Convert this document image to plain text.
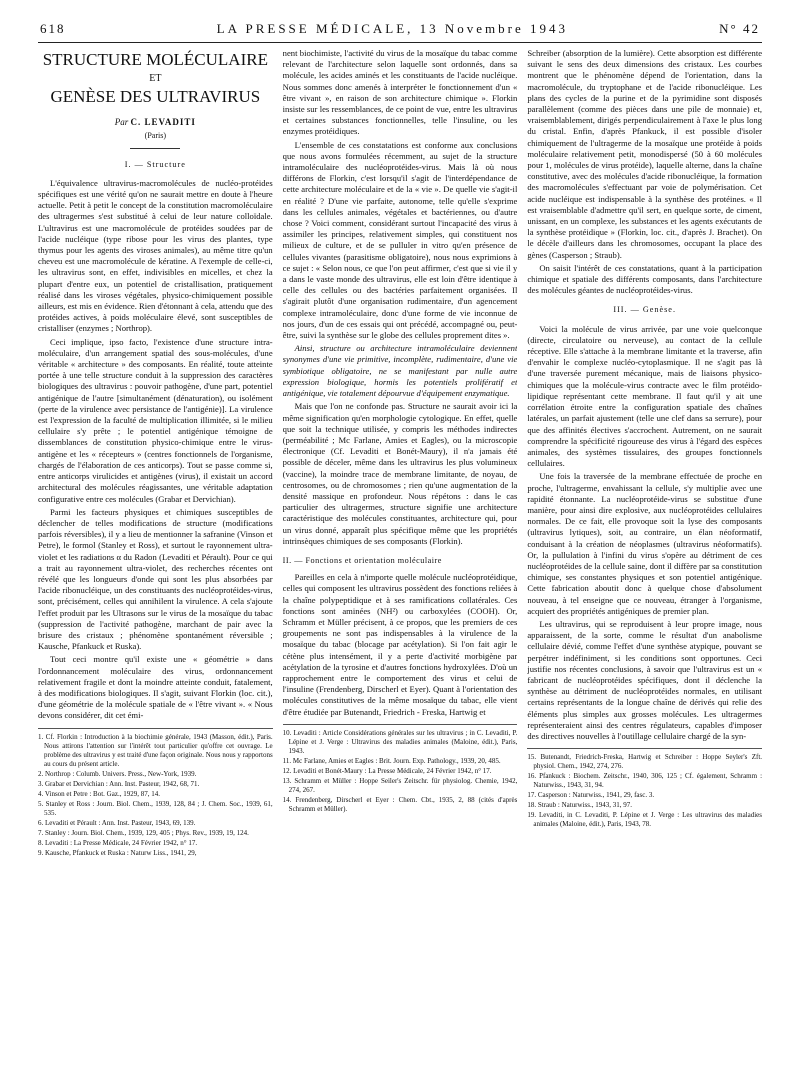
618	LA PRESSE MÉDICALE, 13 Novembre 1943	N° 42
STRUCTURE MOLÉCULAIRE
ET
GENÈSE DES ULTRAVIRUS
Par C. LEVADITI
(Paris)
I. — Structure

L'équivalence ultravirus-macromolécules de nucléo-protéides spécifiques est une vérité qu'on ne saurait mettre en doute à l'heure actuelle. Petit à petit le concept de la constitution macromoléculaire des ultragermes s'est substitué à celui de leur nature colloïdale. L'ultravirus est une macromolécule de protéides soudées par de l'acide nucléique (type ribose pour les virus des plantes, type thymus pour les agents des viroses animales), au même titre qu'un cheveu est une macromolécule de kératine. A l'exemple de celle-ci, les ultravirus sont, en effet, indivisibles en micelles, et chez la plupart d'entre eux, un potentiel de cristallisation, pratiquement réalisé dans les viroses végétales, physico-chimiquement possible ailleurs, est mis en évidence. Rien d'étonnant à cela, attendu que des protéides actives, à poids moléculaire élevé, sont susceptibles de cristalliser (enzymes ; Northrop).

Ceci implique, ipso facto, l'existence d'une structure intra-moléculaire, d'un arrangement spatial des sous-molécules, d'une véritable « architecture » des composants. En réalité, toute atteinte portée à une telle structure conduit à la suppression des caractères biologiques des ultravirus : pouvoir pathogène, d'une part, potentiel antigénique de l'autre [simultanément (dénaturation), ou isolément (perte de la virulence avec persistance de l'antigénie)]. La virulence est l'expression de la faculté de multiplication illimitée, si le milieu cellulaire s'y prête ; le potentiel antigénique témoigne de dissemblances de constitution physico-chimique entre le virus-antigène et les « récepteurs » (centres fonctionnels de l'organisme, chargés de l'élaboration de ces anticorps). Tout se passe comme si, entre anticorps virulicides et antigènes (virus), il existait un accord architectural des molécules réagissantes, une véritable adaptation configurative entre ces molécules (Grabar et Dervichian).

Parmi les facteurs physiques et chimiques susceptibles de déclencher de telles modifications de structure (modifications parfois réversibles), il y a lieu de mentionner la safranine (Vinson et Petre), le formol (Stanley et Ross), et surtout le rayonnement ultra-violet et les radiations α du Radon (Levaditi et Pérault). Pour ce qui a trait au rayonnement ultra-violet, des recherches récentes ont révélé que les longueurs d'onde qui sont les plus absorbées par l'acide ribonucléique, un des constituants des nucléoprotéides-virus, sont, précisément, celles qui annihilent la virulence. A cela s'ajoute l'effet produit par les Ultrasons sur le virus de la mosaïque du tabac (suppression de l'activité pathogène, marchant de pair avec la brisure des cristaux ; phénomène spontanément réversible ; Kausche, Pfankuck et Ruska).

Tout ceci montre qu'il existe une « géométrie » dans l'ordonnancement moléculaire des virus, ordonnancement relativement fragile et dont la moindre atteinte conduit, fatalement, à des modifications biologiques. Il s'agit, suivant Florkin (loc. cit.), d'une géométrie de la molécule spatiale de « l'être vivant ». « Nous devons considérer, dit cet émi-

1. Cf. Florkin : Introduction à la biochimie générale, 1943 (Masson, édit.), Paris. Nous attirons l'attention sur l'intérêt tout particulier qu'offre cet ouvrage. Le problème des ultravirus y est traité d'une façon originale. Nous nous y rapportons au cours du présent article.
2. Northrop : Columb. Univers. Press., New-York, 1939.
3. Grabar et Dervichian : Ann. Inst. Pasteur, 1942, 68, 71.
4. Vinson et Petre : Bot. Gaz., 1929, 87, 14.
5. Stanley et Ross : Journ. Biol. Chem., 1939, 128, 84 ; J. Chem. Soc., 1939, 61, 535.
6. Levaditi et Pérault : Ann. Inst. Pasteur, 1943, 69, 139.
7. Stanley : Journ. Biol. Chem., 1939, 129, 405 ; Phys. Rev., 1939, 19, 124.
8. Levaditi : La Presse Médicale, 24 Février 1942, n° 17.
9. Kausche, Pfankuck et Ruska : Naturw Liss., 1941, 29,

nent biochimiste, l'activité du virus de la mosaïque du tabac comme relevant de l'architecture selon laquelle sont ordonnés, dans sa molécule, les acides aminés et les constituants de l'acide nucléique. Nous sommes donc amenés à interpréter le fonctionnement d'un « être vivant », en raison de son architecture chimique ». Florkin insiste sur les ressemblances, de ce point de vue, entre les ultravirus et certaines substances fonctionnelles, telle l'insuline, ou les enzymes protéidiques.

L'ensemble de ces constatations est conforme aux conclusions que nous avons formulées récemment, au sujet de la structure intramoléculaire des nucléoprotéides-virus. Mais là où nous différons de Florkin, c'est lorsqu'il s'agit de l'interdépendance de cette architecture moléculaire et de la « vie ». De quelle vie s'agit-il en réalité ? D'une vie parfaite, autonome, telle qu'elle s'exprime dans les cellules animales, végétales et bactériennes, ou d'autre chose ? Voici comment, considérant surtout l'incapacité des virus à assimiler les principes, relativement simples, qui constituent nos milieux de culture, et de se pulluler in vitro qu'en présence de cellules vivantes (parasitisme obligatoire), nous nous exprimions à ce sujet : « Selon nous, ce que l'on peut affirmer, c'est que si vie il y a dans le vaste monde des ultravirus, elle est loin d'être identique à celle des cellules ou des bactéries parfaitement organisées. Il s'agirait plutôt d'une organisation rudimentaire, d'un agencement complexe intramoléculaire, donc d'une forme de vie inconnue de nos jours, d'un de ces essais qui ont précédé, accompagné ou, peut-être, suivi la synthèse sur le globe des cellules proprement dites ».

Ainsi, structure ou architecture intramoléculaire deviennent synonymes d'une vie primitive, incomplète, rudimentaire, d'une vie symbiotique obligatoire, ne se manifestant par nulle autre expression biologique, hormis les potentiels prolifératif et antigénique, vie totalement dépourvue d'équipement enzymatique.

Mais que l'on ne confonde pas. Structure ne saurait avoir ici la même signification qu'en morphologie cytologique. En effet, quelle que soit la technique utilisée, y compris les méthodes indirectes (perméabilité ; Mc Farlane, Amies et Eagles), ou la microscopie électronique (Cf. Levaditi et Bonét-Maury), il n'a jamais été possible de déceler, même dans les ultravirus les plus volumineux (vaccine), la moindre trace de membrane limitante, de noyau, de centrosomes, ou de chromosomes ; rien qu'une augmentation de la densité massique en profondeur. Nous répétons : dans le cas particulier des ultragermes, structure signifie une architecture caractéristique des molécules constituantes, architecture qui, pour un virus donné, apparaît plus spécifique même que les propriétés intrinsèques chimiques de ses composants (Florkin).

II. — Fonctions et orientation moléculaire

Pareilles en cela à n'importe quelle molécule nucléoprotéidique, celles qui composent les ultravirus possèdent des fonctions reliées à la chaîne polypeptidique et à ses ramifications collatérales. Ces fonctions sont aminées (NH²) ou carboxylées (COOH). Or, Schramm et Müller précisent, à ce propos, que les premiers de ces groupements ne sont pas indispensables à la virulence de la mosaïque du tabac (blocage par acétylation). Si l'on fait agir le cétène plus intensément, il y a perte d'activité morbigène par acétylation de la tyrosine et d'autres fonctions hydroxylées. D'où un rapprochement entre le comportement des virus et celui de l'insuline (Frendenberg, Dirscherl et Eyer). Quant à l'orientation des molécules constitutives de la même mosaïque du tabac, elle vient d'être étudiée par Butenandt, Friedrich - Freska, Hartwig et

10. Levaditi : Article Considérations générales sur les ultravirus ; in C. Levaditi, P. Lépine et J. Verge : Ultravirus des maladies animales (Maloine, édit.), Paris, 1943.
11. Mc Farlane, Amies et Eagles : Brit. Journ. Exp. Pathology., 1939, 20, 485.
12. Levaditi et Bonét-Maury : La Presse Médicale, 24 Février 1942, n° 17.
13. Schramm et Müller : Hoppe Seiler's Zeitschr. für physiolog. Chemie, 1942, 274, 267.
14. Frendenberg, Dirscherl et Eyer : Chem. Cbt., 1935, 2, 88 (cités d'après Schramm et Müller).

Schreiber (absorption de la lumière). Cette absorption est différente suivant le sens des deux dimensions des cristaux. Les courbes montrent que le phénomène dépend de l'orientation, dans la macromolécule, du tryptophane et de l'acide ribonucléique. Les plans des cycles de la purine et de la pyrimidine sont disposés parallèlement (comme des pièces dans une pile de monnaie) et, vraisemblablement, dirigés perpendiculairement à l'axe le plus long du cristal. Enfin, d'après Pfankuck, il est possible d'isoler chimiquement de l'ultragerme de la mosaïque une protéide à poids moléculaire relativement petit, monodispersé (50 à 60 molécules pour 1, molécules de virus protéide), laquelle alterne, dans la chaîne constitutive, avec des molécules d'acide ribonucléique, la formation des macromolécules s'effectuant par voie de polymérisation. Cet acide nucléique est indispensable à la synthèse des protéines. « Il est vraisemblable d'admettre qu'il sert, en quelque sorte, de ciment, unissant, en un complexe, les substances et les agents exécutants de la synthèse protéidique » (Florkin, loc. cit., d'après J. Brachet). On le décèle d'ailleurs dans les chromosomes, occupant la place des gènes (Casperson ; Straub).

On saisit l'intérêt de ces constatations, quant à la participation chimique et spatiale des différents composants, dans l'architecture des molécules géantes de nucléoprotéides-virus.

III. — Genèse.

Voici la molécule de virus arrivée, par une voie quelconque (directe, circulatoire ou nerveuse), au contact de la cellule réceptive. Elle s'attache à la membrane limitante et la traverse, afin d'envahir le complexe nucléo-cytoplasmique. Il ne s'agit pas là d'une traversée purement mécanique, mais de liaisons physico-chimiques que la molécule-virus contracte avec le film protéido-lipidique représentant cette membrane. Il faut qu'il y ait une corrélation étroite entre la configuration spatiale des chaînes latérales, un parfait ajustement (telle une clef dans sa serrure), pour que des affinités électives s'accrochent. Autrement, on ne saurait comprendre la spécificité rigoureuse des virus à l'égard des espèces animales, des systèmes tissulaires, des groupes fonctionnels cellulaires.

Une fois la traversée de la membrane effectuée de proche en proche, l'ultragerme, envahissant la cellule, s'y multiplie avec une rapidité étonnante. La nucléoprotéide-virus se substitue d'une manière, pour ainsi dire explosive, aux nucléoprotéides cellulaires normales. De ce fait, elle provoque soit la lyse des composants (ultravirus lytiques), soit, au contraire, un élan néoformatif, conduisant à la création de néoplasmes (ultravirus néoformatifs). Or, la pullulation à l'infini du virus s'opère au détriment de ces nucléoprotéides de la cellule saine, dont il diffère par sa constitution chimique, ses constantes physiques et son potentiel antigénique. Cette fabrication aboutit donc à quelque chose d'absolument nouveau, à tel enseigne que ce nouveau, étranger à l'organisme, acquiert des propriétés antigéniques de premier plan.

Les ultravirus, qui se reproduisent à leur propre image, nous apparaissent, de la sorte, comme le résultat d'un anabolisme cellulaire dévié, comme l'effet d'une synthèse atypique, pouvant se perpétrer indéfiniment, si les conditions sont opportunes. Ceci justifie nos récentes conclusions, à savoir que l'ultravirus est un « fabricant de nucléoprotéides spécifiques, dont il déclenche la synthèse au détriment de nucléoprotéides normales, en utilisant certains représentants de la longue chaîne de dérivés qui relie des éléments plus simples aux grosses molécules. Les ultragermes représenteraient ainsi des centres régulateurs, capables d'imposer des directives nouvelles à l'outillage cellulaire chargé de la syn-

15. Butenandt, Friedrich-Freska, Hartwig et Schreiber : Hoppe Seyler's Zft. physiol. Chem., 1942, 274, 276.
16. Pfankuck : Biochem. Zeitschr., 1940, 306, 125 ; Cf. également, Schramm : Naturwiss., 1943, 31, 94.
17. Casperson : Naturwiss., 1941, 29, fasc. 3.
18. Straub : Naturwiss., 1943, 31, 97.
19. Levaditi, in C. Levaditi, P. Lépine et J. Verge : Les ultravirus des maladies animales (Maloine, édit.), Paris, 1943, 78.
